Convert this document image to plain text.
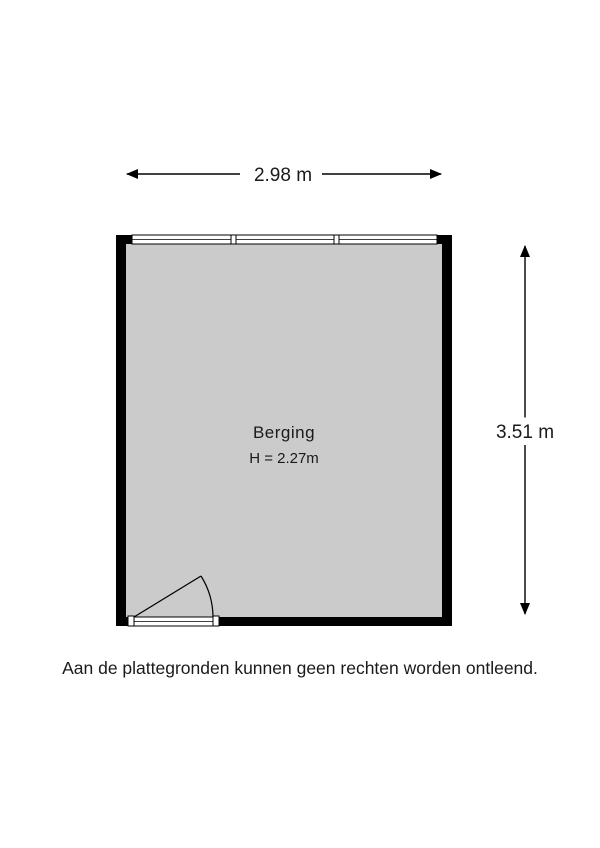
2.98 m
3.51 m
Berging
H = 2.27m
Aan de plattegronden kunnen geen rechten worden ontleend.
